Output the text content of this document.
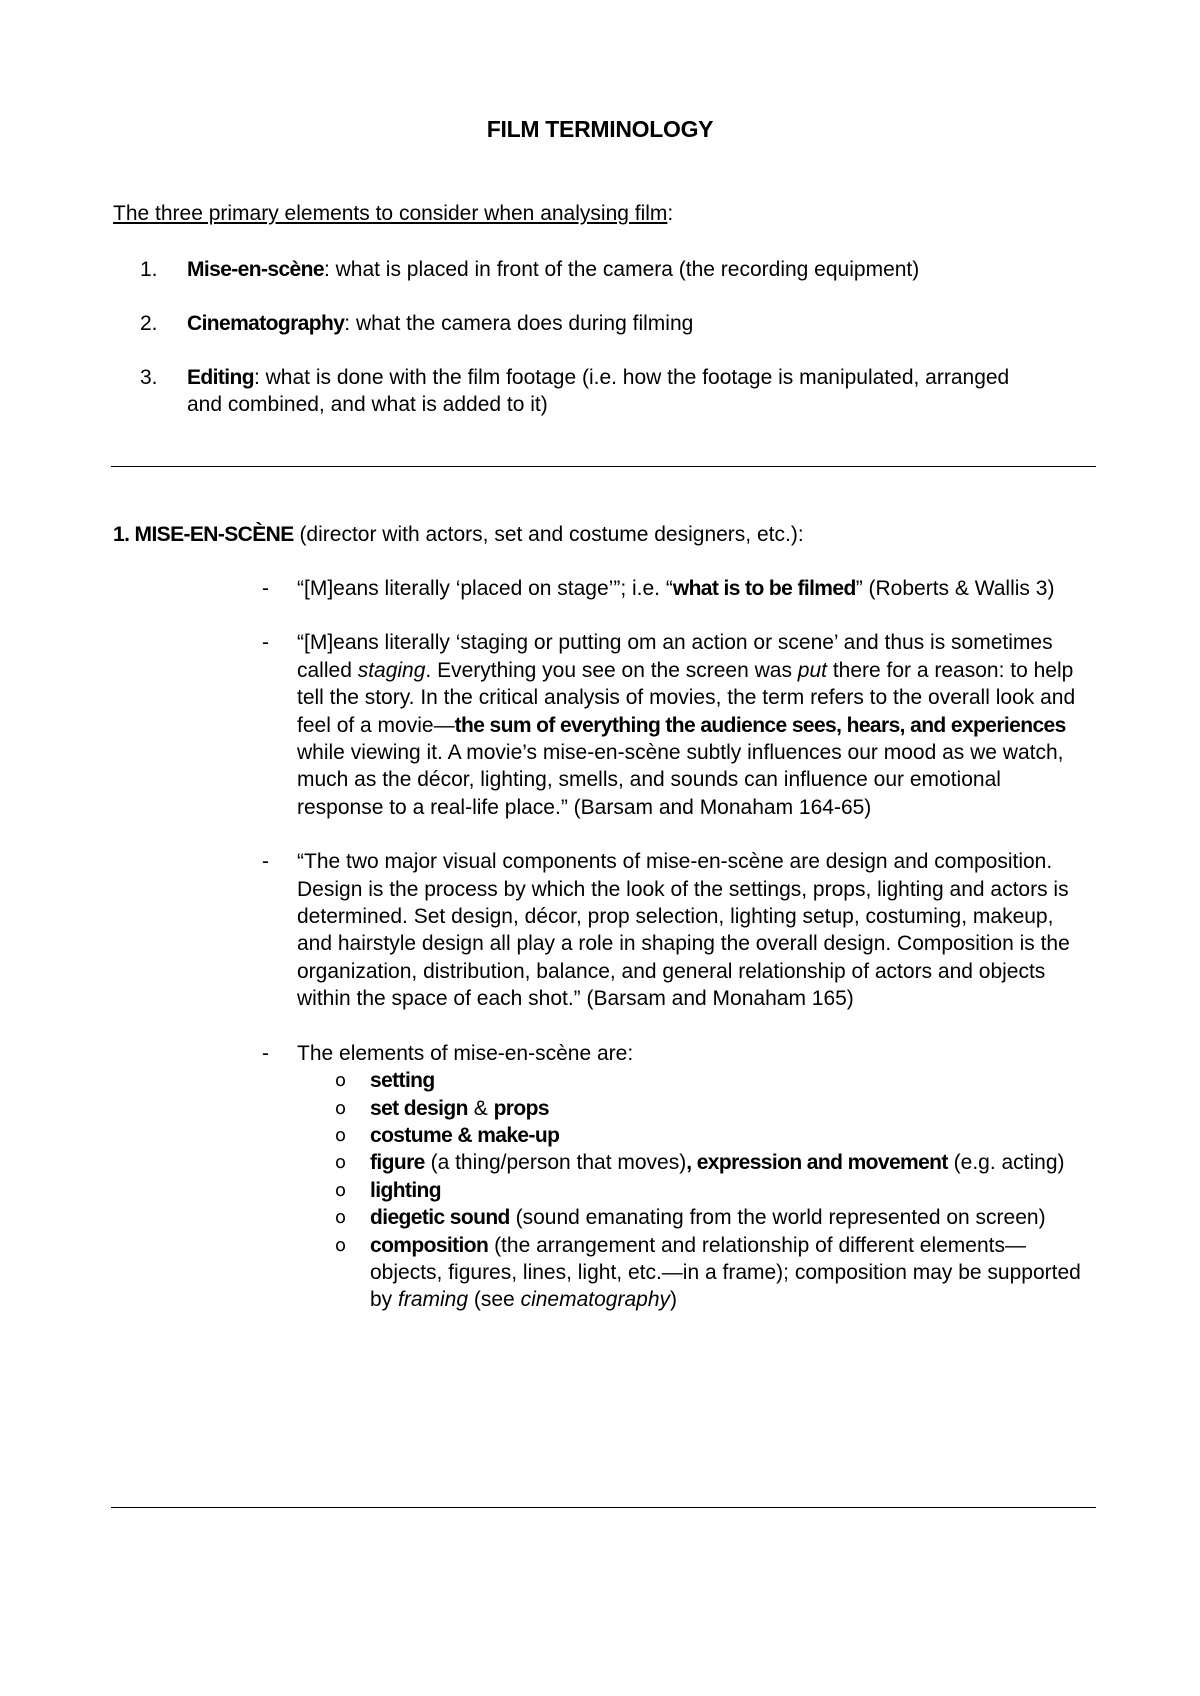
FILM TERMINOLOGY
The three primary elements to consider when analysing film:
1. Mise-en-scène: what is placed in front of the camera (the recording equipment)
2. Cinematography: what the camera does during filming
3. Editing: what is done with the film footage (i.e. how the footage is manipulated, arranged and combined, and what is added to it)
1. MISE-EN-SCÈNE (director with actors, set and costume designers, etc.):
- “[M]eans literally ‘placed on stage’”; i.e. “what is to be filmed” (Roberts & Wallis 3)
- “[M]eans literally ‘staging or putting om an action or scene’ and thus is sometimes called staging. Everything you see on the screen was put there for a reason: to help tell the story. In the critical analysis of movies, the term refers to the overall look and feel of a movie—the sum of everything the audience sees, hears, and experiences while viewing it. A movie’s mise-en-scène subtly influences our mood as we watch, much as the décor, lighting, smells, and sounds can influence our emotional response to a real-life place.” (Barsam and Monaham 164-65)
- “The two major visual components of mise-en-scène are design and composition. Design is the process by which the look of the settings, props, lighting and actors is determined. Set design, décor, prop selection, lighting setup, costuming, makeup, and hairstyle design all play a role in shaping the overall design. Composition is the organization, distribution, balance, and general relationship of actors and objects within the space of each shot.” (Barsam and Monaham 165)
- The elements of mise-en-scène are:
o setting
o set design & props
o costume & make-up
o figure (a thing/person that moves), expression and movement (e.g. acting)
o lighting
o diegetic sound (sound emanating from the world represented on screen)
o composition (the arrangement and relationship of different elements—objects, figures, lines, light, etc.—in a frame); composition may be supported by framing (see cinematography)
